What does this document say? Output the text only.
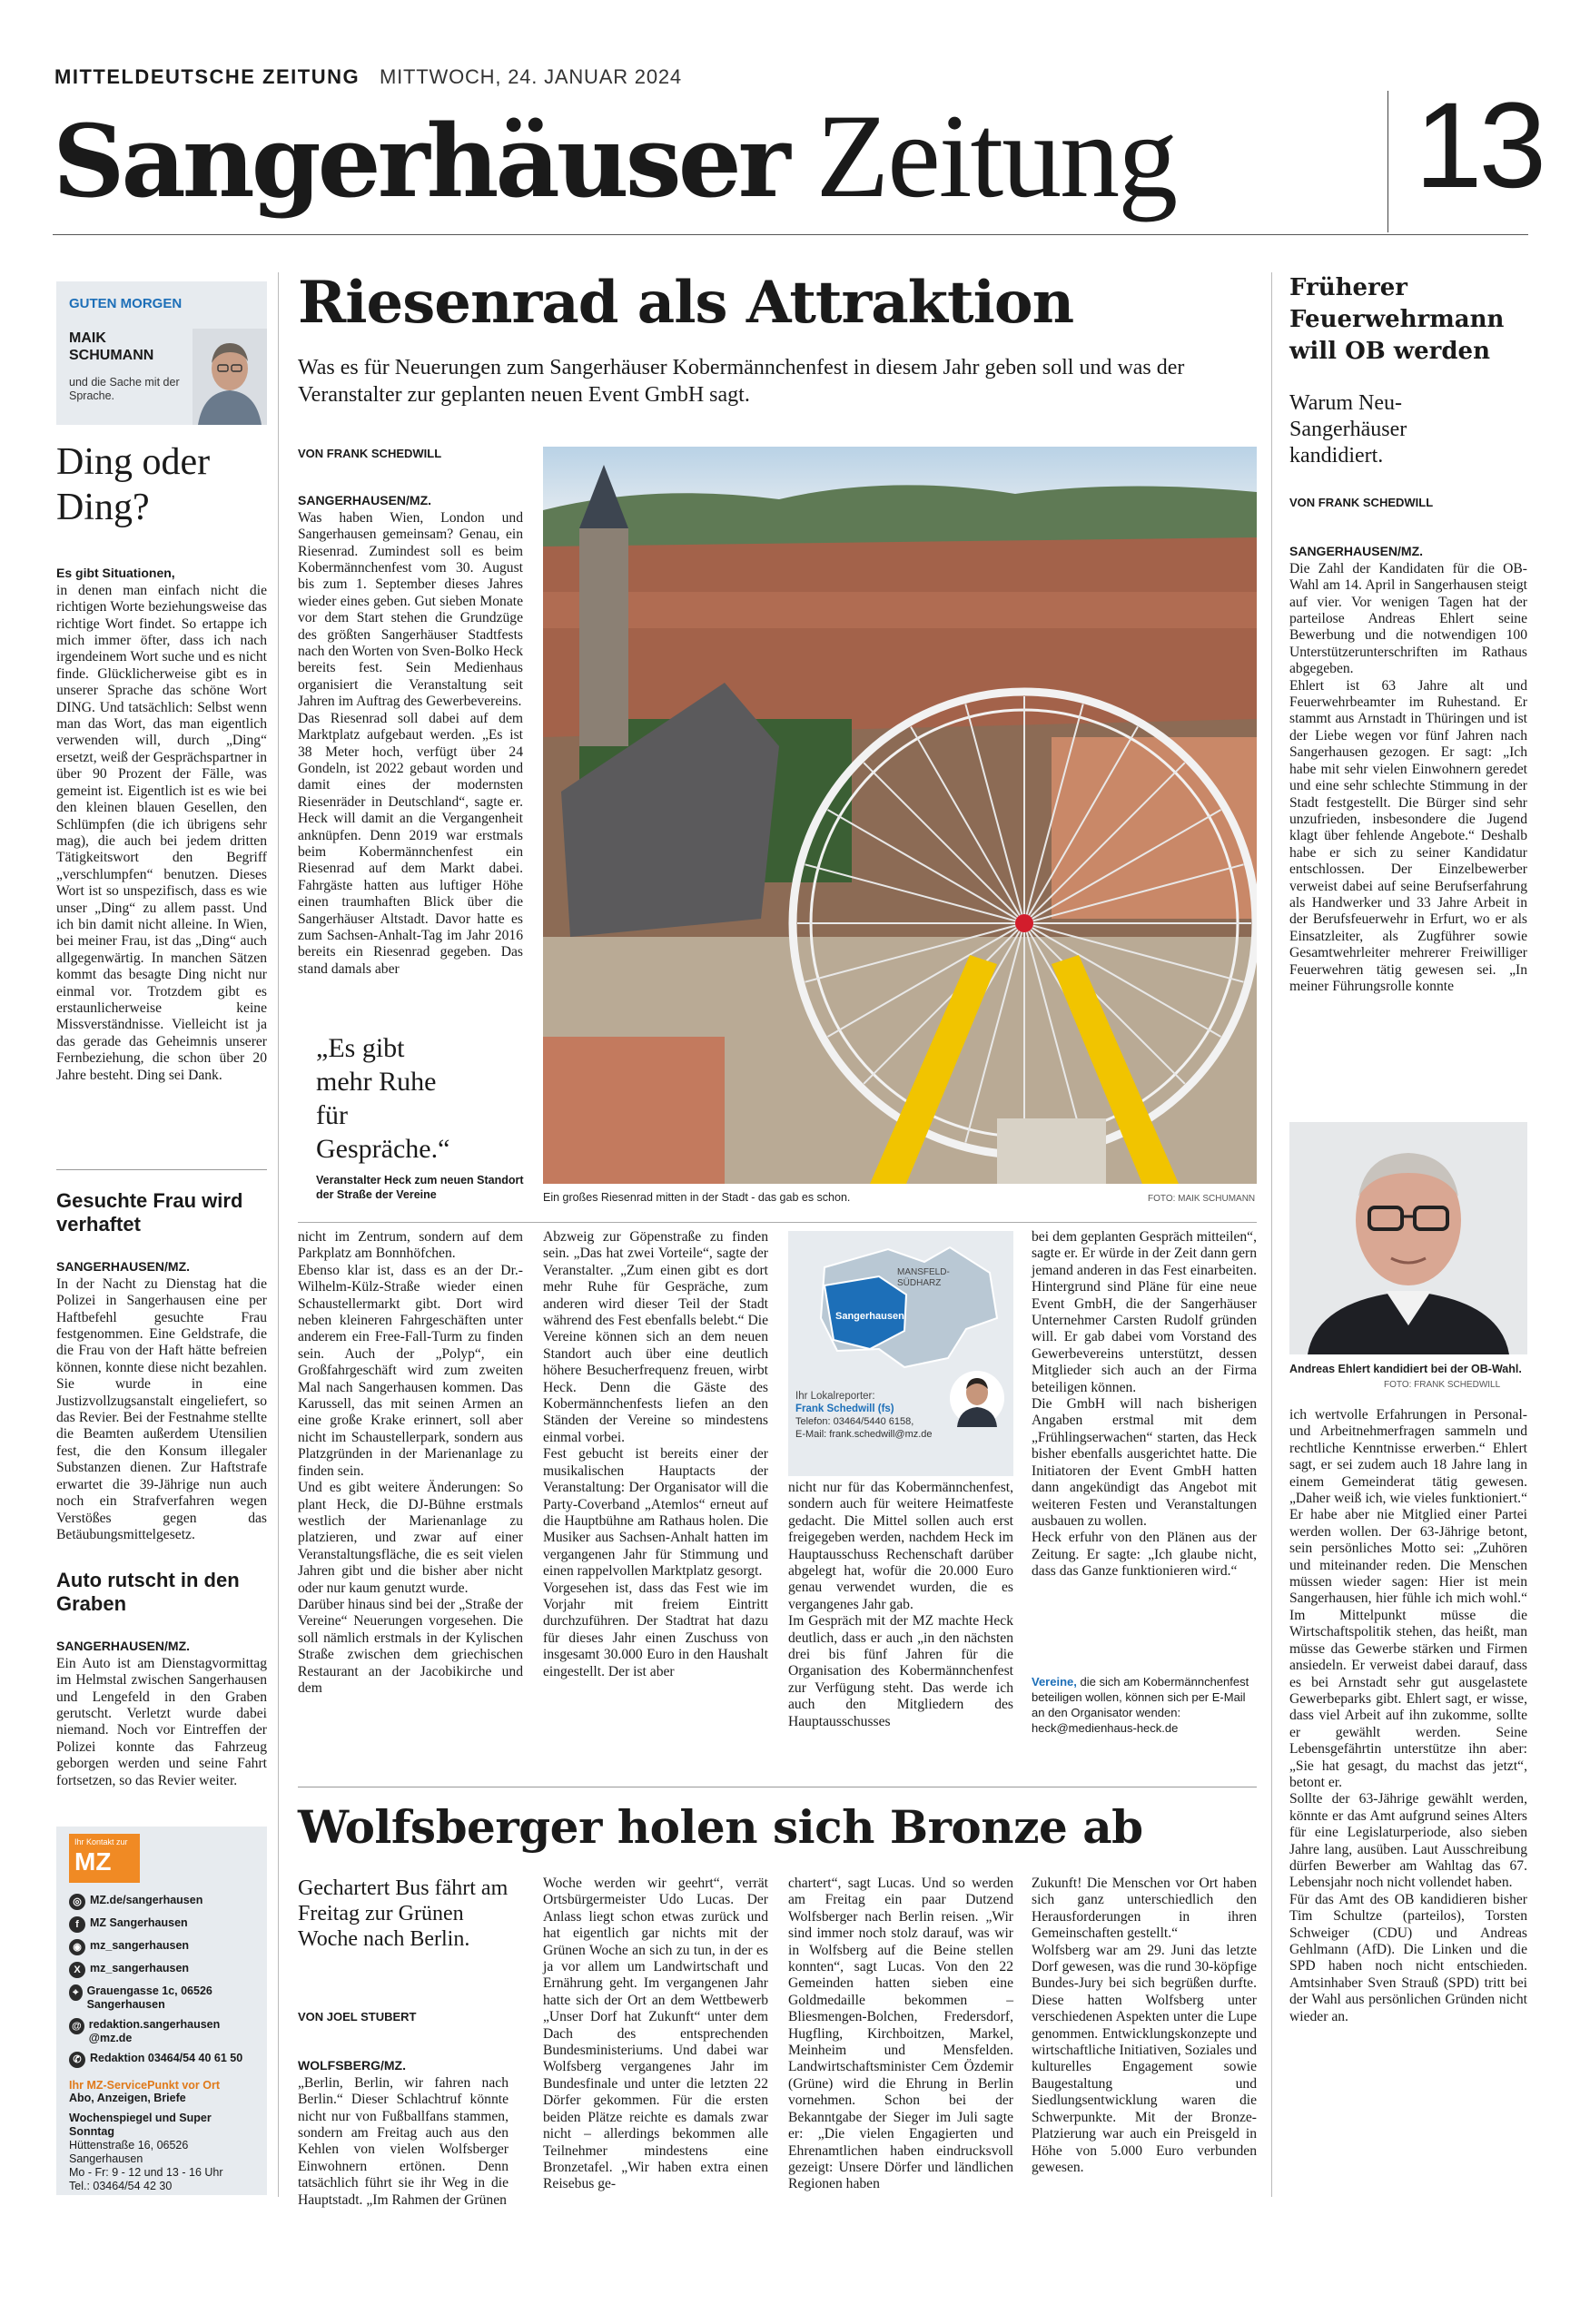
MITTELDEUTSCHE ZEITUNG MITTWOCH, 24. JANUAR 2024
Sangerhäuser Zeitung 13
GUTEN MORGEN
MAIK
SCHUMANN
und die Sache mit der Sprache.
Ding oder Ding?

Es gibt Situationen,
in denen man einfach nicht die richtigen Worte beziehungsweise das richtige Wort findet. So ertappe ich mich immer öfter, dass ich nach irgendeinem Wort suche und es nicht finde. Glücklicherweise gibt es in unserer Sprache das schöne Wort DING. Und tatsächlich: Selbst wenn man das Wort, das man eigentlich verwenden will, durch „Ding“ ersetzt, weiß der Gesprächspartner in über 90 Prozent der Fälle, was gemeint ist. Eigentlich ist es wie bei den kleinen blauen Gesellen, den Schlümpfen (die ich übrigens sehr mag), die auch bei jedem dritten Tätigkeitswort den Begriff „verschlumpfen“ benutzen. Dieses Wort ist so unspezifisch, dass es wie unser „Ding“ zu allem passt. Und ich bin damit nicht alleine. In Wien, bei meiner Frau, ist das „Ding“ auch allgegenwärtig. In manchen Sätzen kommt das besagte Ding nicht nur einmal vor. Trotzdem gibt es erstaunlicherweise keine Missverständnisse. Vielleicht ist ja das gerade das Geheimnis unserer Fernbeziehung, die schon über 20 Jahre besteht. Ding sei Dank.

Gesuchte Frau wird verhaftet

SANGERHAUSEN/MZ.
In der Nacht zu Dienstag hat die Polizei in Sangerhausen eine per Haftbefehl gesuchte Frau festgenommen. Eine Geldstrafe, die die Frau von der Haft hätte befreien können, konnte diese nicht bezahlen. Sie wurde in eine Justizvollzugsanstalt eingeliefert, so das Revier. Bei der Festnahme stellte die Beamten außerdem Utensilien fest, die den Konsum illegaler Substanzen dienen. Zur Haftstrafe erwartet die 39-Jährige nun auch noch ein Strafverfahren wegen Verstößes gegen das Betäubungsmittelgesetz.

Auto rutscht in den Graben

SANGERHAUSEN/MZ.
Ein Auto ist am Dienstagvormittag im Helmstal zwischen Sangerhausen und Lengefeld in den Graben gerutscht. Verletzt wurde dabei niemand. Noch vor Eintreffen der Polizei konnte das Fahrzeug geborgen werden und seine Fahrt fortsetzen, so das Revier weiter.

Ihr Kontakt zur
MZ
◎ MZ.de/sangerhausen
f MZ Sangerhausen
◉ mz_sangerhausen
X mz_sangerhausen
⌖ Grauengasse 1c, 06526 Sangerhausen
@ redaktion.sangerhausen @mz.de
✆ Redaktion 03464/54 40 61 50
Ihr MZ-ServicePunkt vor Ort
Abo, Anzeigen, Briefe
Wochenspiegel und Super Sonntag
Hüttenstraße 16, 06526 Sangerhausen
Mo - Fr: 9 - 12 und 13 - 16 Uhr
Tel.: 03464/54 42 30
Riesenrad als Attraktion
Was es für Neuerungen zum Sangerhäuser Kobermännchenfest in diesem Jahr geben soll und was der Veranstalter zur geplanten neuen Event GmbH sagt.
VON FRANK SCHEDWILL

SANGERHAUSEN/MZ.
Was haben Wien, London und Sangerhausen gemeinsam? Genau, ein Riesenrad. Zumindest soll es beim Kobermännchenfest vom 30. August bis zum 1. September dieses Jahres wieder eines geben. Gut sieben Monate vor dem Start stehen die Grundzüge des größten Sangerhäuser Stadtfests nach den Worten von Sven-Bolko Heck bereits fest. Sein Medienhaus organisiert die Veranstaltung seit Jahren im Auftrag des Gewerbevereins.
Das Riesenrad soll dabei auf dem Marktplatz aufgebaut werden. „Es ist 38 Meter hoch, verfügt über 24 Gondeln, ist 2022 gebaut worden und damit eines der modernsten Riesenräder in Deutschland“, sagte er. Heck will damit an die Vergangenheit anknüpfen. Denn 2019 war erstmals beim Kobermännchenfest ein Riesenrad auf dem Markt dabei. Fahrgäste hatten aus luftiger Höhe einen traumhaften Blick über die Sangerhäuser Altstadt. Davor hatte es zum Sachsen-Anhalt-Tag im Jahr 2016 bereits ein Riesenrad gegeben. Das stand damals aber

„Es gibt mehr Ruhe für Gespräche.“
Veranstalter Heck zum neuen Standort der Straße der Vereine	Ein großes Riesenrad mitten in der Stadt - das gab es schon.	FOTO: MAIK SCHUMANN
nicht im Zentrum, sondern auf dem Parkplatz am Bonnhöfchen.
Ebenso klar ist, dass es an der Dr.-Wilhelm-Külz-Straße wieder einen Schaustellermarkt gibt. Dort wird neben kleineren Fahrgeschäften unter anderem ein Free-Fall-Turm zu finden sein. Auch der „Polyp“, ein Großfahrgeschäft wird zum zweiten Mal nach Sangerhausen kommen. Das Karussell, das mit seinen Armen an eine große Krake erinnert, soll aber nicht im Schaustellerpark, sondern aus Platzgründen in der Marienanlage zu finden sein.
Und es gibt weitere Änderungen: So plant Heck, die DJ-Bühne erstmals westlich der Marienanlage zu platzieren, und zwar auf einer Veranstaltungsfläche, die es seit vielen Jahren gibt und die bisher aber nicht oder nur kaum genutzt wurde.
Darüber hinaus sind bei der „Straße der Vereine“ Neuerungen vorgesehen. Die soll nämlich erstmals in der Kylischen Straße zwischen dem griechischen Restaurant an der Jacobikirche und dem
Abzweig zur Göpenstraße zu finden sein. „Das hat zwei Vorteile“, sagte der Veranstalter. „Zum einen gibt es dort mehr Ruhe für Gespräche, zum anderen wird dieser Teil der Stadt während des Fest ebenfalls belebt.“ Die Vereine können sich an dem neuen Standort auch über eine deutlich höhere Besucherfrequenz freuen, wirbt Heck. Denn die Gäste des Kobermännchenfests liefen an den Ständen der Vereine so mindestens einmal vorbei.
Fest gebucht ist bereits einer der musikalischen Hauptacts der Veranstaltung: Der Organisator will die Party-Coverband „Atemlos“ erneut auf die Hauptbühne am Rathaus holen. Die Musiker aus Sachsen-Anhalt hatten im vergangenen Jahr für Stimmung und einen rappelvollen Marktplatz gesorgt.
Vorgesehen ist, dass das Fest wie im Vorjahr mit freiem Eintritt durchzuführen. Der Stadtrat hat dazu für dieses Jahr einen Zuschuss von insgesamt 30.000 Euro in den Haushalt eingestellt. Der ist aber
MANSFELD-SÜDHARZ
Sangerhausen
Ihr Lokalreporter:
Frank Schedwill (fs)
Telefon: 03464/5440 6158,
E-Mail: frank.schedwill@mz.de
nicht nur für das Kobermännchenfest, sondern auch für weitere Heimatfeste gedacht. Die Mittel sollen auch erst freigegeben werden, nachdem Heck im Hauptausschuss Rechenschaft darüber abgelegt hat, wofür die 20.000 Euro genau verwendet wurden, die es vergangenes Jahr gab.
Im Gespräch mit der MZ machte Heck deutlich, dass er auch „in den nächsten drei bis fünf Jahren für die Organisation des Kobermännchenfest zur Verfügung steht. Das werde ich auch den Mitgliedern des Hauptausschusses
bei dem geplanten Gespräch mitteilen“, sagte er. Er würde in der Zeit dann gern jemand anderen in das Fest einarbeiten. Hintergrund sind Pläne für eine neue Event GmbH, die der Sangerhäuser Unternehmer Carsten Rudolf gründen will. Er gab dabei vom Vorstand des Gewerbevereins unterstützt, dessen Mitglieder sich auch an der Firma beteiligen können.
Die GmbH will nach bisherigen Angaben erstmal mit dem „Frühlingserwachen“ starten, das Heck bisher ebenfalls ausgerichtet hatte. Die Initiatoren der Event GmbH hatten dann angekündigt das Angebot mit weiteren Festen und Veranstaltungen ausbauen zu wollen.
Heck erfuhr von den Plänen aus der Zeitung. Er sagte: „Ich glaube nicht, dass das Ganze funktionieren wird.“
Vereine, die sich am Kobermännchenfest beteiligen wollen, können sich per E-Mail an den Organisator wenden: heck@medienhaus-heck.de
Wolfsberger holen sich Bronze ab
Gechartert Bus fährt am Freitag zur Grünen Woche nach Berlin.
VON JOEL STUBERT

WOLFSBERG/MZ.
„Berlin, Berlin, wir fahren nach Berlin.“ Dieser Schlachtruf könnte nicht nur von Fußballfans stammen, sondern am Freitag auch aus den Kehlen von vielen Wolfsberger Einwohnern ertönen. Denn tatsächlich führt sie ihr Weg in die Hauptstadt. „Im Rahmen der Grünen

Woche werden wir geehrt“, verrät Ortsbürgermeister Udo Lucas. Der Anlass liegt schon etwas zurück und hat eigentlich gar nichts mit der Grünen Woche an sich zu tun, in der es ja vor allem um Landwirtschaft und Ernährung geht. Im vergangenen Jahr hatte sich der Ort an dem Wettbewerb „Unser Dorf hat Zukunft“ unter dem Dach des entsprechenden Bundesministeriums. Und dabei war Wolfsberg vergangenes Jahr im Bundesfinale und unter die letzten 22 Dörfer gekommen. Für die ersten beiden Plätze reichte es damals zwar nicht – allerdings bekommen alle Teilnehmer mindestens eine Bronzetafel. „Wir haben extra einen Reisebus ge-
chartert“, sagt Lucas. Und so werden am Freitag ein paar Dutzend Wolfsberger nach Berlin reisen. „Wir sind immer noch stolz darauf, was wir in Wolfsberg auf die Beine stellen konnten“, sagt Lucas. Von den 22 Gemeinden hatten sieben eine Goldmedaille bekommen – Bliesmengen-Bolchen, Fredersdorf, Hugfling, Kirchboitzen, Markel, Meinheim und Mensfelden. Landwirtschaftsminister Cem Özdemir (Grüne) wird die Ehrung in Berlin vornehmen. Schon bei der Bekanntgabe der Sieger im Juli sagte er: „Die vielen Engagierten und Ehrenamtlichen haben eindrucksvoll gezeigt: Unsere Dörfer und ländlichen Regionen haben
Zukunft! Die Menschen vor Ort haben sich ganz unterschiedlich den Herausforderungen in ihren Gemeinschaften gestellt.“
Wolfsberg war am 29. Juni das letzte Dorf gewesen, was die rund 30-köpfige Bundes-Jury bei sich begrüßen durfte. Diese hatten Wolfsberg unter verschiedenen Aspekten unter die Lupe genommen. Entwicklungskonzepte und wirtschaftliche Initiativen, Soziales und kulturelles Engagement sowie Baugestaltung und Siedlungsentwicklung waren die Schwerpunkte. Mit der Bronze-Platzierung war auch ein Preisgeld in Höhe von 5.000 Euro verbunden gewesen.
Früherer Feuerwehrmann will OB werden
Warum Neu-Sangerhäuser kandidiert.
VON FRANK SCHEDWILL

SANGERHAUSEN/MZ.
Die Zahl der Kandidaten für die OB-Wahl am 14. April in Sangerhausen steigt auf vier. Vor wenigen Tagen hat der parteilose Andreas Ehlert seine Bewerbung und die notwendigen 100 Unterstützerunterschriften im Rathaus abgegeben.
Ehlert ist 63 Jahre alt und Feuerwehrbeamter im Ruhestand. Er stammt aus Arnstadt in Thüringen und ist der Liebe wegen vor fünf Jahren nach Sangerhausen gezogen. Er sagt: „Ich habe mit sehr vielen Einwohnern geredet und eine sehr schlechte Stimmung in der Stadt festgestellt. Die Bürger sind sehr unzufrieden, insbesondere die Jugend klagt über fehlende Angebote.“ Deshalb habe er sich zu seiner Kandidatur entschlossen. Der Einzelbewerber verweist dabei auf seine Berufserfahrung als Handwerker und 33 Jahre Arbeit in der Berufsfeuerwehr in Erfurt, wo er als Einsatzleiter, als Zugführer sowie Gesamtwehrleiter mehrerer Freiwilliger Feuerwehren tätig gewesen sei. „In meiner Führungsrolle konnte

Andreas Ehlert kandidiert bei der OB-Wahl.
FOTO: FRANK SCHEDWILL
ich wertvolle Erfahrungen in Personal- und Arbeitnehmerfragen sammeln und rechtliche Kenntnisse erwerben.“ Ehlert sagt, er sei zudem auch 18 Jahre lang in einem Gemeinderat tätig gewesen. „Daher weiß ich, wie vieles funktioniert.“ Er habe aber nie Mitglied einer Partei werden wollen. Der 63-Jährige betont, sein persönliches Motto sei: „Zuhören und miteinander reden. Die Menschen müssen wieder sagen: Hier ist mein Sangerhausen, hier fühle ich mich wohl.“ Im Mittelpunkt müsse die Wirtschaftspolitik stehen, das heißt, man müsse das Gewerbe stärken und Firmen ansiedeln. Er verweist dabei darauf, dass es bei Arnstadt sehr gut ausgelastete Gewerbeparks gibt. Ehlert sagt, er wisse, dass viel Arbeit auf ihn zukomme, sollte er gewählt werden. Seine Lebensgefährtin unterstütze ihn aber: „Sie hat gesagt, du machst das jetzt“, betont er.
Sollte der 63-Jährige gewählt werden, könnte er das Amt aufgrund seines Alters für eine Legislaturperiode, also sieben Jahre lang, ausüben. Laut Ausschreibung dürfen Bewerber am Wahltag das 67. Lebensjahr noch nicht vollendet haben.
Für das Amt des OB kandidieren bisher Tim Schultze (parteilos), Torsten Schweiger (CDU) und Andreas Gehlmann (AfD). Die Linken und die SPD haben noch nicht entschieden. Amtsinhaber Sven Strauß (SPD) tritt bei der Wahl aus persönlichen Gründen nicht wieder an.
